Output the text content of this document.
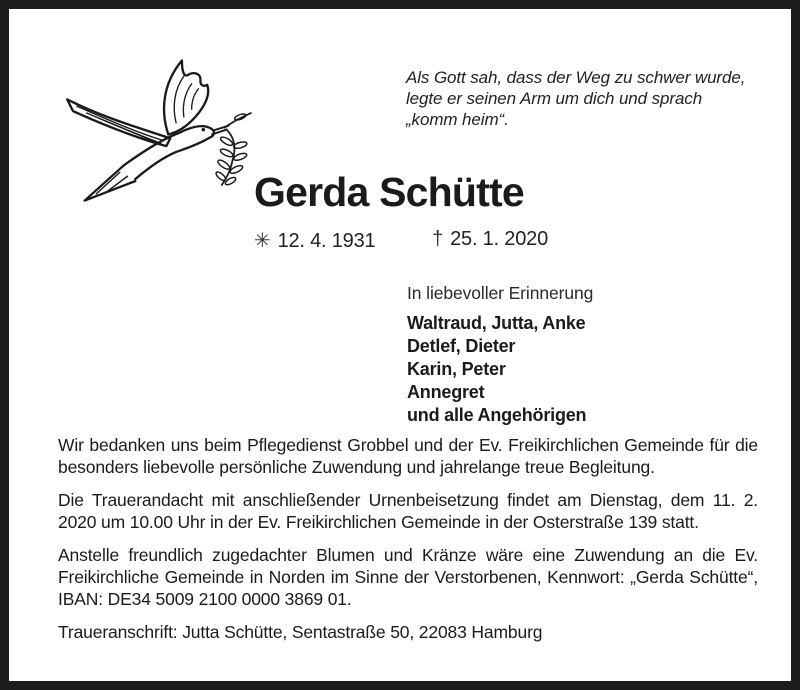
Als Gott sah, dass der Weg zu schwer wurde,
legte er seinen Arm um dich und sprach
„komm heim“.
Gerda Schütte
✳ 12. 4. 1931	† 25. 1. 2020
In liebevoller Erinnerung
Waltraud, Jutta, Anke
Detlef, Dieter
Karin, Peter
Annegret
und alle Angehörigen

Wir bedanken uns beim Pflegedienst Grobbel und der Ev. Freikirchlichen Gemeinde für die besonders liebevolle persönliche Zuwendung und jahrelange treue Begleitung.

Die Trauerandacht mit anschließender Urnenbeisetzung findet am Dienstag, dem 11. 2. 2020 um 10.00 Uhr in der Ev. Freikirchlichen Gemeinde in der Osterstraße 139 statt.

Anstelle freundlich zugedachter Blumen und Kränze wäre eine Zuwendung an die Ev. Freikirchliche Gemeinde in Norden im Sinne der Verstorbenen, Kennwort: „Gerda Schütte“, IBAN: DE34 5009 2100 0000 3869 01.

Traueranschrift: Jutta Schütte, Sentastraße 50, 22083 Hamburg
